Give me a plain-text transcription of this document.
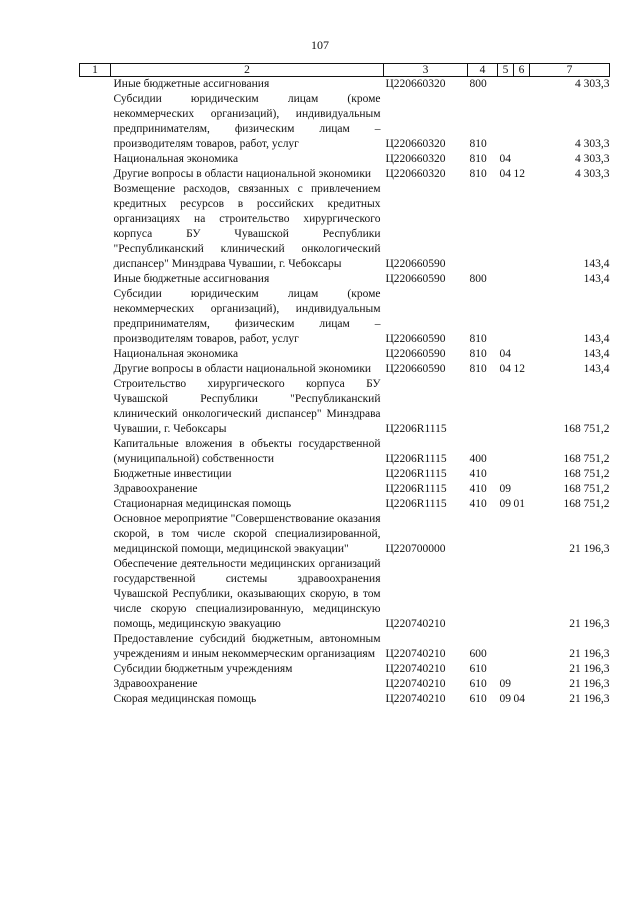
107
1	2	3	4	5	6	7
	Иные бюджетные ассигнования	Ц220660320	800			4 303,3
	Субсидии юридическим лицам (кроме некоммерческих организаций), индивидуальным предпринимателям, физическим лицам – производителям товаров, работ, услуг	Ц220660320	810			4 303,3
	Национальная экономика	Ц220660320	810	04		4 303,3
	Другие вопросы в области национальной экономики	Ц220660320	810	04	12	4 303,3
	Возмещение расходов, связанных с привлечением кредитных ресурсов в российских кредитных организациях на строительство хирургического корпуса БУ Чувашской Республики "Республиканский клинический онкологический диспансер" Минздрава Чувашии, г. Чебоксары	Ц220660590				143,4
	Иные бюджетные ассигнования	Ц220660590	800			143,4
	Субсидии юридическим лицам (кроме некоммерческих организаций), индивидуальным предпринимателям, физическим лицам – производителям товаров, работ, услуг	Ц220660590	810			143,4
	Национальная экономика	Ц220660590	810	04		143,4
	Другие вопросы в области национальной экономики	Ц220660590	810	04	12	143,4
	Строительство хирургического корпуса БУ Чувашской Республики "Республиканский клинический онкологический диспансер" Минздрава Чувашии, г. Чебоксары	Ц2206R1115				168 751,2
	Капитальные вложения в объекты государственной (муниципальной) собственности	Ц2206R1115	400			168 751,2
	Бюджетные инвестиции	Ц2206R1115	410			168 751,2
	Здравоохранение	Ц2206R1115	410	09		168 751,2
	Стационарная медицинская помощь	Ц2206R1115	410	09	01	168 751,2
	Основное мероприятие "Совершенствование оказания скорой, в том числе скорой специализированной, медицинской помощи, медицинской эвакуации"	Ц220700000				21 196,3
	Обеспечение деятельности медицинских организаций государственной системы здравоохранения Чувашской Республики, оказывающих скорую, в том числе скорую специализированную, медицинскую помощь, медицинскую эвакуацию	Ц220740210				21 196,3
	Предоставление субсидий бюджетным, автономным учреждениям и иным некоммерческим организациям	Ц220740210	600			21 196,3
	Субсидии бюджетным учреждениям	Ц220740210	610			21 196,3
	Здравоохранение	Ц220740210	610	09		21 196,3
	Скорая медицинская помощь	Ц220740210	610	09	04	21 196,3
